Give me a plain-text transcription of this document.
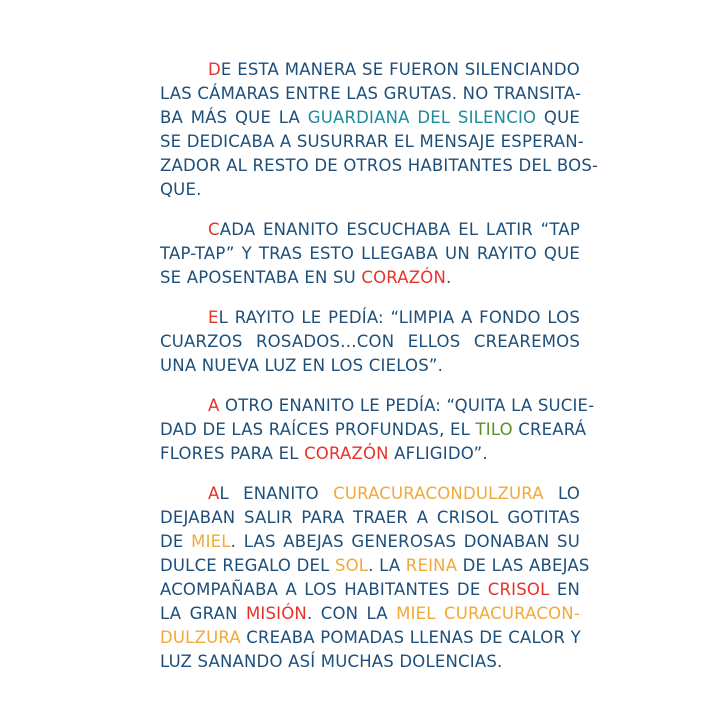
DE ESTA MANERA SE FUERON SILENCIANDO
LAS CÁMARAS ENTRE LAS GRUTAS. NO TRANSITA-
BA MÁS QUE LA GUARDIANA DEL SILENCIO QUE
SE DEDICABA A SUSURRAR EL MENSAJE ESPERAN-
ZADOR AL RESTO DE OTROS HABITANTES DEL BOS-
QUE.
CADA ENANITO ESCUCHABA EL LATIR “TAP
TAP-TAP” Y TRAS ESTO LLEGABA UN RAYITO QUE
SE APOSENTABA EN SU CORAZÓN.
EL RAYITO LE PEDÍA: “LIMPIA A FONDO LOS
CUARZOS ROSADOS…CON ELLOS CREAREMOS
UNA NUEVA LUZ EN LOS CIELOS”.
A OTRO ENANITO LE PEDÍA: “QUITA LA SUCIE-
DAD DE LAS RAÍCES PROFUNDAS, EL TILO CREARÁ
FLORES PARA EL CORAZÓN AFLIGIDO”.
AL ENANITO CURACURACONDULZURA LO
DEJABAN SALIR PARA TRAER A CRISOL GOTITAS
DE MIEL. LAS ABEJAS GENEROSAS DONABAN SU
DULCE REGALO DEL SOL. LA REINA DE LAS ABEJAS
ACOMPAÑABA A LOS HABITANTES DE CRISOL EN
LA GRAN MISIÓN. CON LA MIEL CURACURACON-
DULZURA CREABA POMADAS LLENAS DE CALOR Y
LUZ SANANDO ASÍ MUCHAS DOLENCIAS.
